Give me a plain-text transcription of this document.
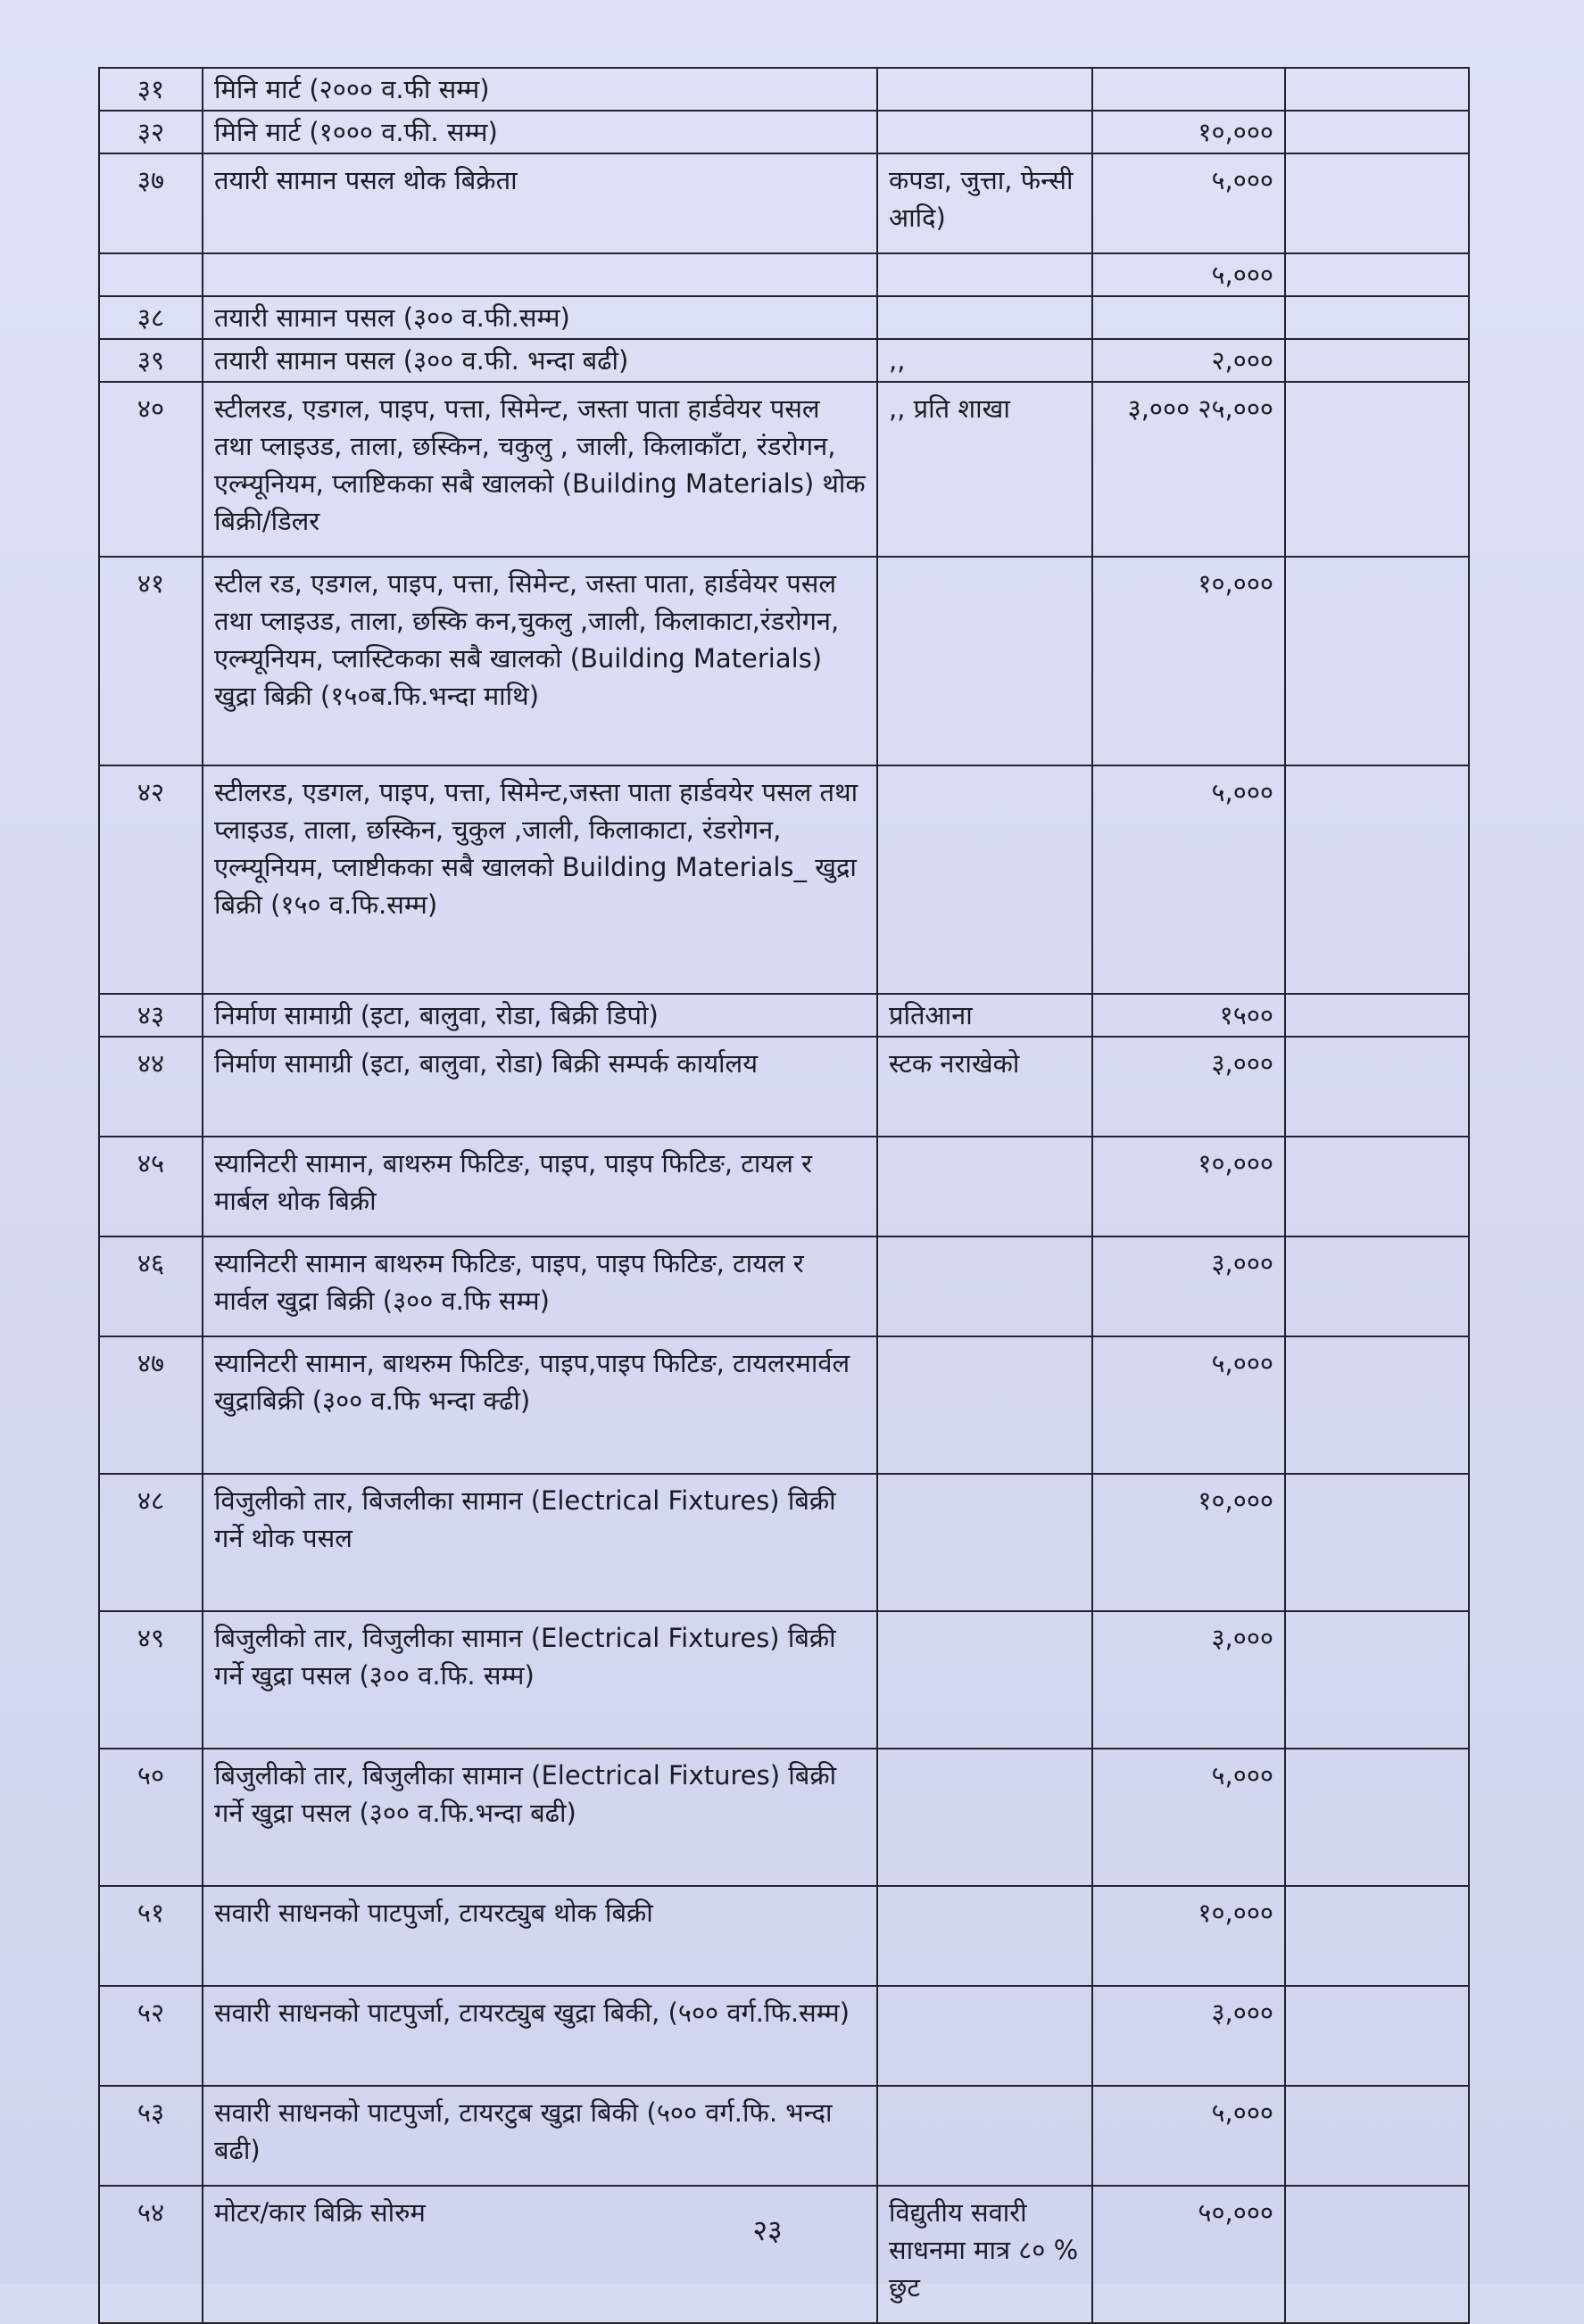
३१	मिनि मार्ट (२००० व.फी सम्म)			
३२	मिनि मार्ट (१००० व.फी. सम्म)		१०,०००	
३७	तयारी सामान पसल थोक बिक्रेता	कपडा, जुत्ता, फेन्सी आदि)	५,०००	
			५,०००	
३८	तयारी सामान पसल (३०० व.फी.सम्म)			
३९	तयारी सामान पसल (३०० व.फी. भन्दा बढी)	,,	२,०००	
४०	स्टीलरड, एडगल, पाइप, पत्ता, सिमेन्ट, जस्ता पाता हार्डवेयर पसल तथा प्लाइउड, ताला, छस्किन, चकुलु , जाली, किलाकाँटा, रंडरोगन, एल्म्यूनियम, प्लाष्टिकका सबै खालको (Building Materials) थोक बिक्री/डिलर	,, प्रति शाखा	३,००० २५,०००	
४१	स्टील रड, एडगल, पाइप, पत्ता, सिमेन्ट, जस्ता पाता, हार्डवेयर पसल तथा प्लाइउड, ताला, छस्कि कन,चुकलु ,जाली, किलाकाटा,रंडरोगन, एल्म्यूनियम, प्लास्टिकका सबै खालको (Building Materials) खुद्रा बिक्री (१५०ब.फि.भन्दा माथि)		१०,०००	
४२	स्टीलरड, एडगल, पाइप, पत्ता, सिमेन्ट,जस्ता पाता हार्डवयेर पसल तथा प्लाइउड, ताला, छस्किन, चुकुल ,जाली, किलाकाटा, रंडरोगन, एल्म्यूनियम, प्लाष्टीकका सबै खालको Building Materials_ खुद्रा बिक्री (१५० व.फि.सम्म)		५,०००	
४३	निर्माण सामाग्री (इटा, बालुवा, रोडा, बिक्री डिपो)	प्रतिआना	१५००	
४४	निर्माण सामाग्री (इटा, बालुवा, रोडा) बिक्री सम्पर्क कार्यालय	स्टक नराखेको	३,०००	
४५	स्यानिटरी सामान, बाथरुम फिटिङ, पाइप, पाइप फिटिङ, टायल र मार्बल थोक बिक्री		१०,०००	
४६	स्यानिटरी सामान बाथरुम फिटिङ, पाइप, पाइप फिटिङ, टायल र मार्वल खुद्रा बिक्री (३०० व.फि सम्म)		३,०००	
४७	स्यानिटरी सामान, बाथरुम फिटिङ, पाइप,पाइप फिटिङ, टायलरमार्वल खुद्राबिक्री (३०० व.फि भन्दा क्ढी)		५,०००	
४८	विजुलीको तार, बिजलीका सामान (Electrical Fixtures) बिक्री गर्ने थोक पसल		१०,०००	
४९	बिजुलीको तार, विजुलीका सामान (Electrical Fixtures) बिक्री गर्ने खुद्रा पसल (३०० व.फि. सम्म)		३,०००	
५०	बिजुलीको तार, बिजुलीका सामान (Electrical Fixtures) बिक्री गर्ने खुद्रा पसल (३०० व.फि.भन्दा बढी)		५,०००	
५१	सवारी साधनको पाटपुर्जा, टायरट्युब थोक बिक्री		१०,०००	
५२	सवारी साधनको पाटपुर्जा, टायरट्युब खुद्रा बिकी, (५०० वर्ग.फि.सम्म)		३,०००	
५३	सवारी साधनको पाटपुर्जा, टायरटुब खुद्रा बिकी (५०० वर्ग.फि. भन्दा बढी)		५,०००	
५४	मोटर/कार बिक्रि सोरुम	विद्युतीय सवारी साधनमा मात्र ८० % छुट	५०,०००	
२३
